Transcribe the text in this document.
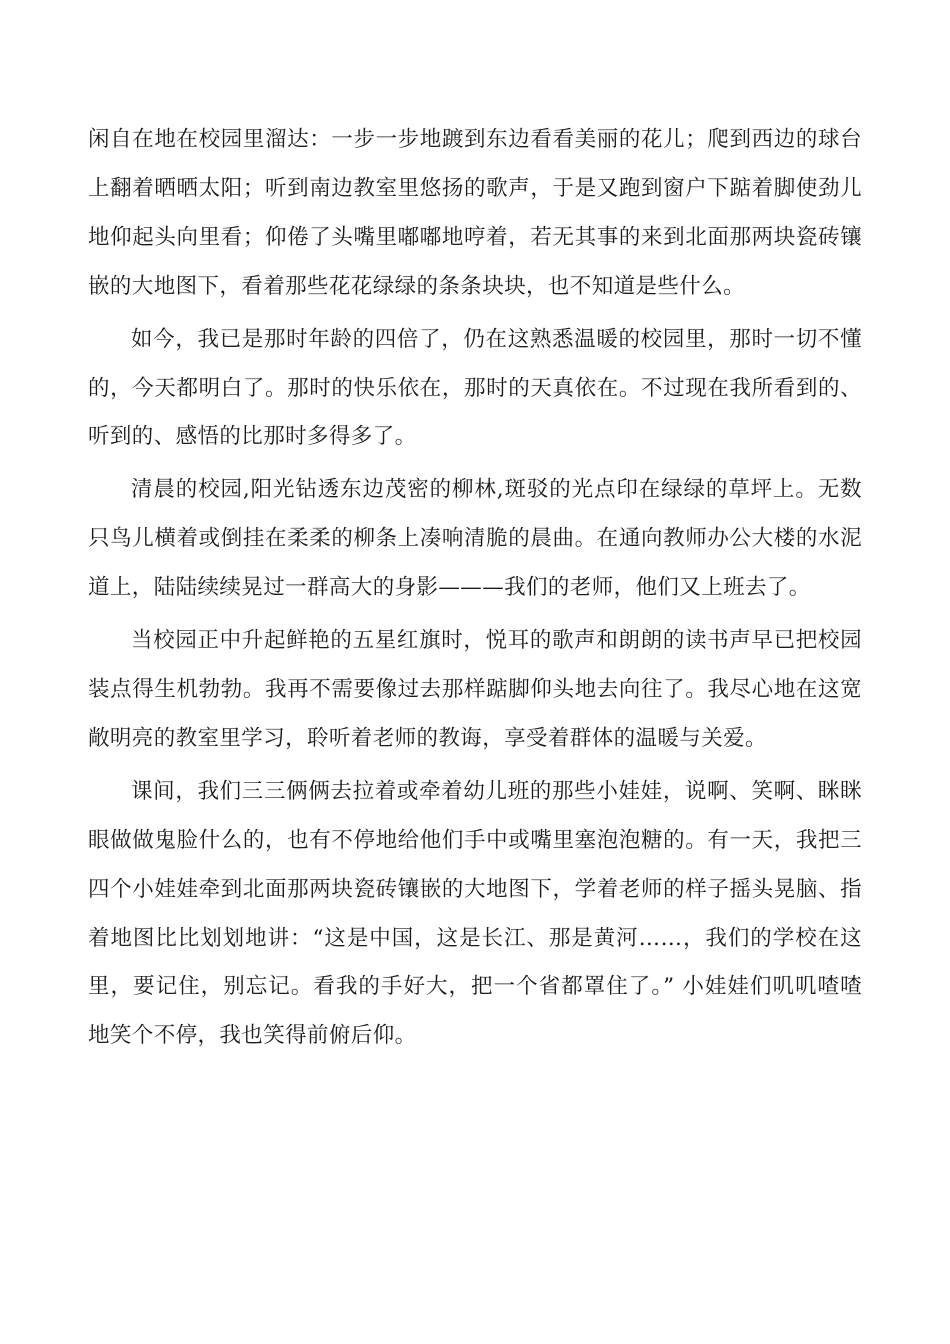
闲自在地在校园里溜达：一步一步地踱到东边看看美丽的花儿；爬到西边的球台上翻着晒晒太阳；听到南边教室里悠扬的歌声，于是又跑到窗户下踮着脚使劲儿地仰起头向里看；仰倦了头嘴里嘟嘟地哼着，若无其事的来到北面那两块瓷砖镶嵌的大地图下，看着那些花花绿绿的条条块块，也不知道是些什么。

如今，我已是那时年龄的四倍了，仍在这熟悉温暖的校园里，那时一切不懂的，今天都明白了。那时的快乐依在，那时的天真依在。不过现在我所看到的、听到的、感悟的比那时多得多了。

清晨的校园,阳光钻透东边茂密的柳林,斑驳的光点印在绿绿的草坪上。无数只鸟儿横着或倒挂在柔柔的柳条上凑响清脆的晨曲。在通向教师办公大楼的水泥道上，陆陆续续晃过一群高大的身影———我们的老师，他们又上班去了。

当校园正中升起鲜艳的五星红旗时，悦耳的歌声和朗朗的读书声早已把校园装点得生机勃勃。我再不需要像过去那样踮脚仰头地去向往了。我尽心地在这宽敞明亮的教室里学习，聆听着老师的教诲，享受着群体的温暖与关爱。

课间，我们三三俩俩去拉着或牵着幼儿班的那些小娃娃，说啊、笑啊、眯眯眼做做鬼脸什么的，也有不停地给他们手中或嘴里塞泡泡糖的。有一天，我把三四个小娃娃牵到北面那两块瓷砖镶嵌的大地图下，学着老师的样子摇头晃脑、指着地图比比划划地讲：“这是中国，这是长江、那是黄河……，我们的学校在这里，要记住，别忘记。看我的手好大，把一个省都罩住了。” 小娃娃们叽叽喳喳地笑个不停，我也笑得前俯后仰。
